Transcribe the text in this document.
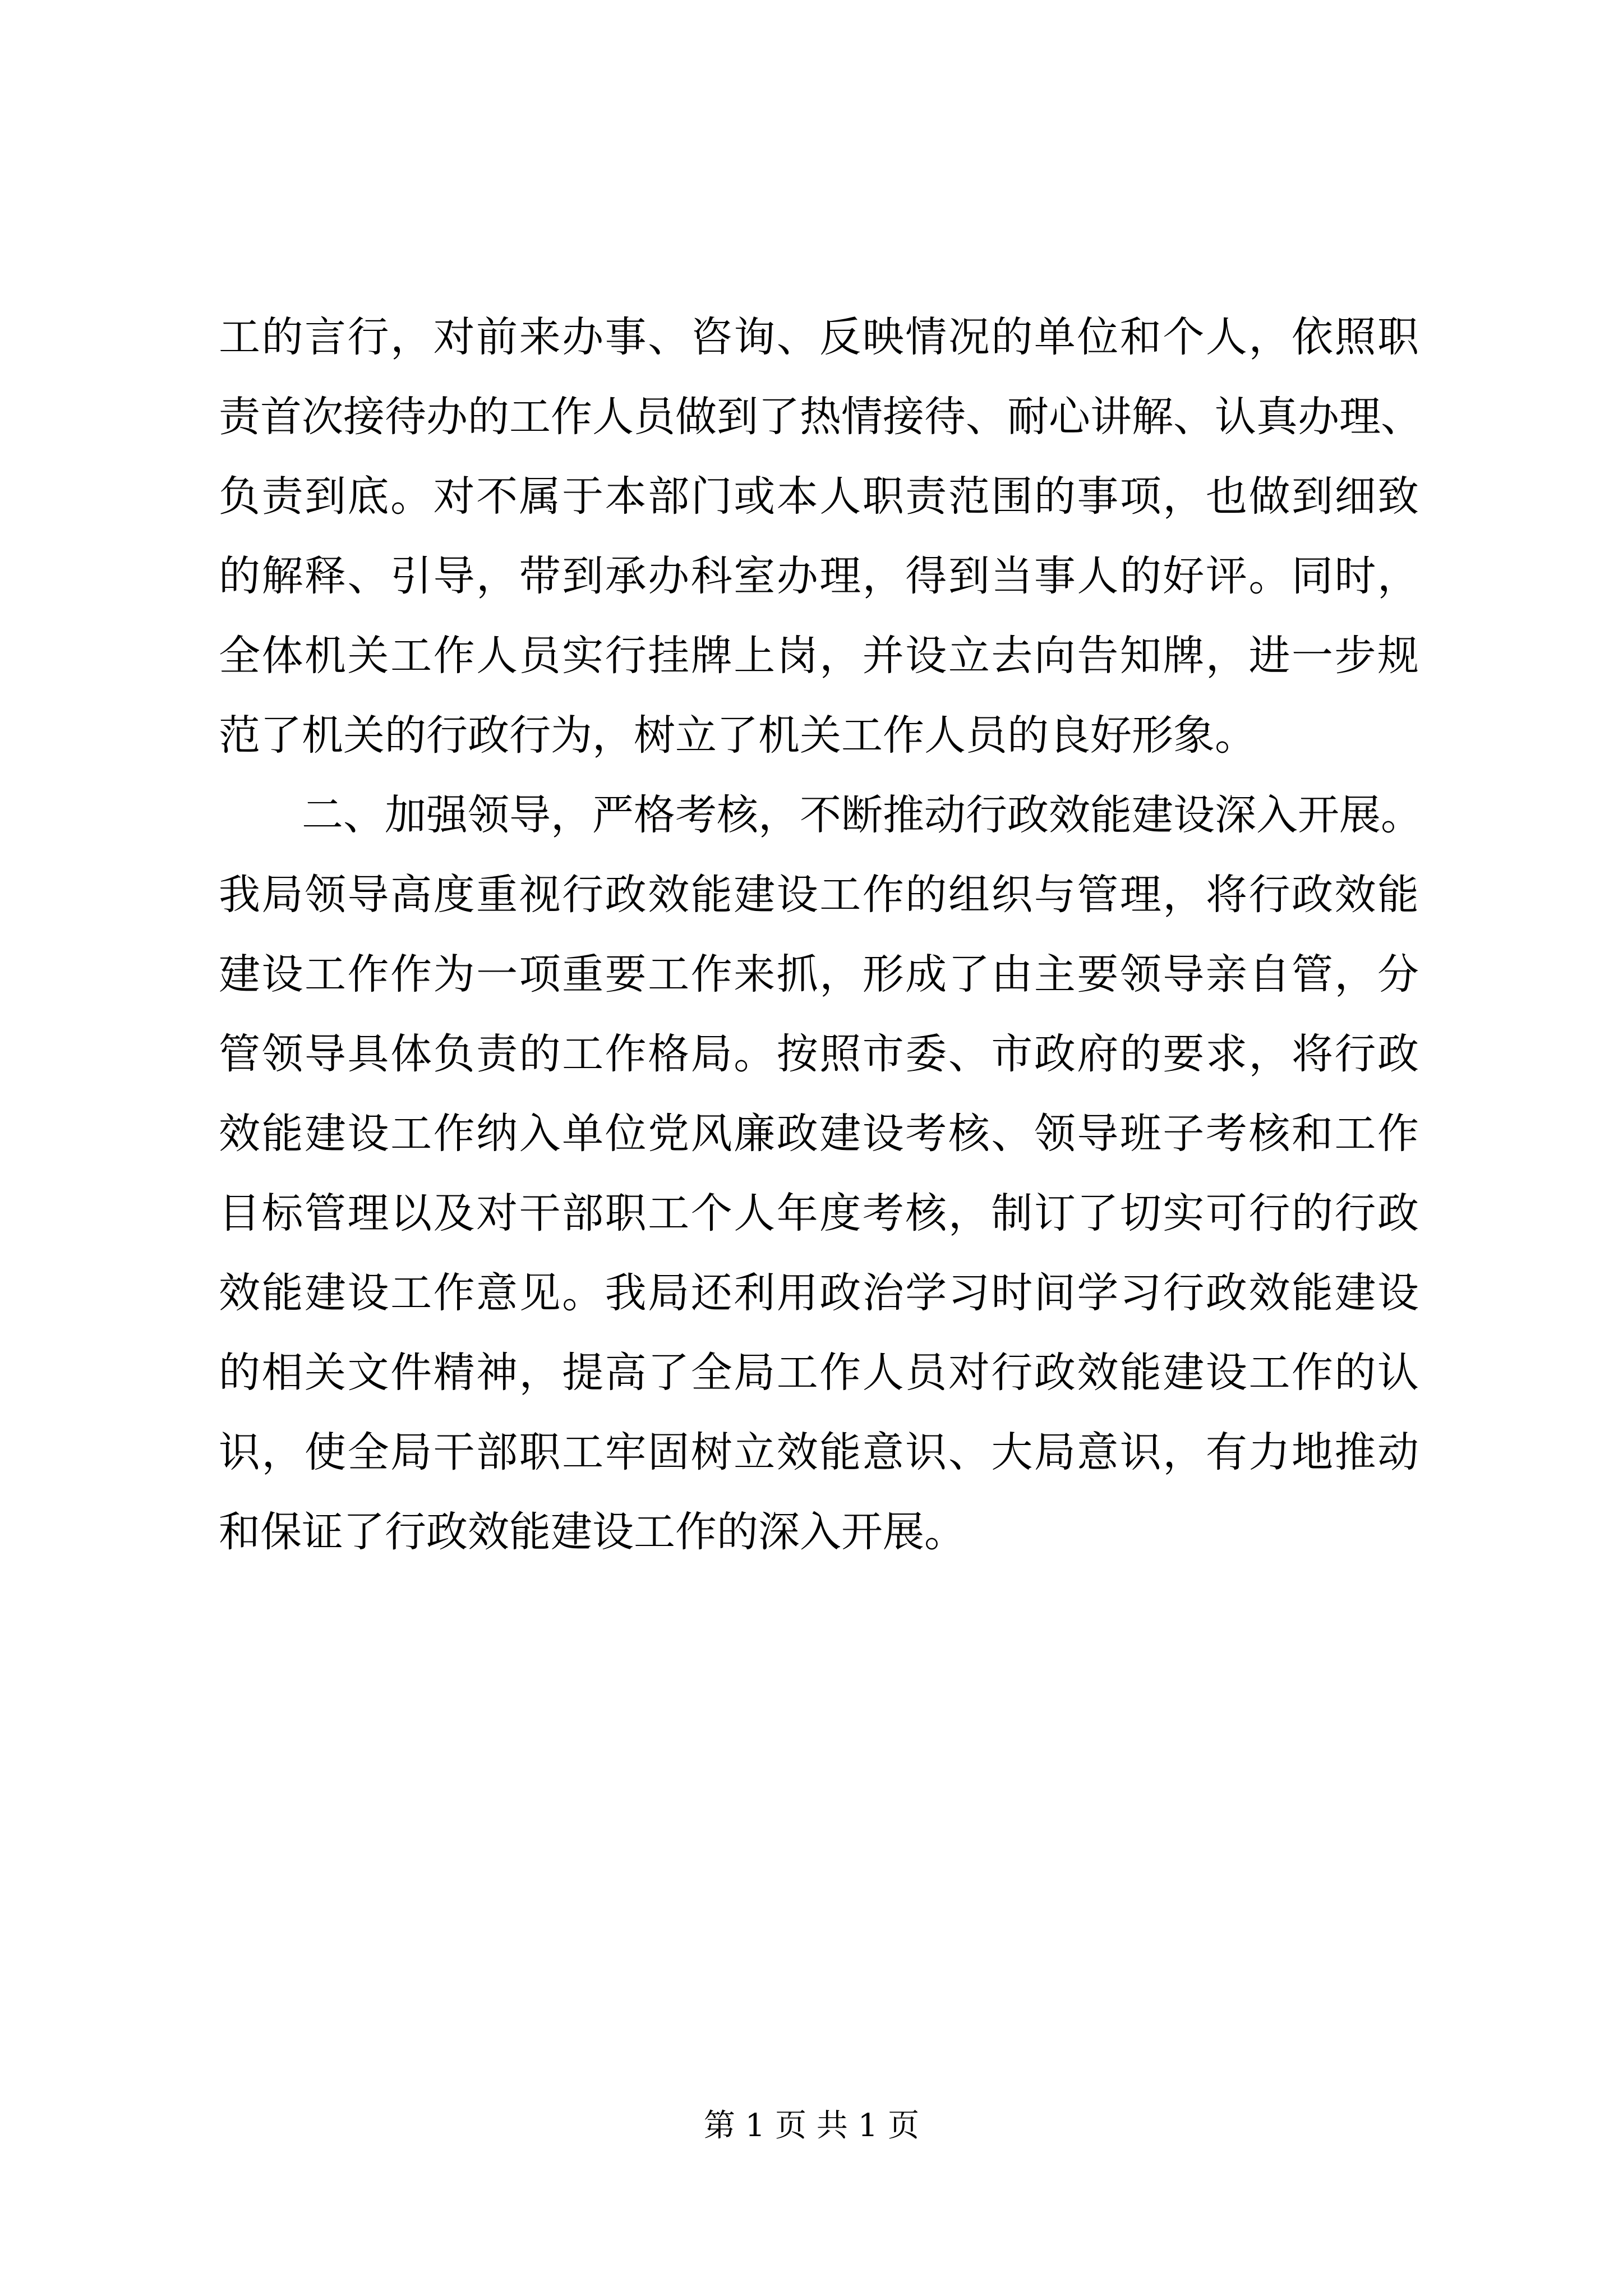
工的言行，对前来办事、咨询、反映情况的单位和个人，依照职
责首次接待办的工作人员做到了热情接待、耐心讲解、认真办理、
负责到底。对不属于本部门或本人职责范围的事项，也做到细致
的解释、引导，带到承办科室办理，得到当事人的好评。同时，
全体机关工作人员实行挂牌上岗，并设立去向告知牌，进一步规
范了机关的行政行为，树立了机关工作人员的良好形象。
二、加强领导，严格考核，不断推动行政效能建设深入开展。
我局领导高度重视行政效能建设工作的组织与管理，将行政效能
建设工作作为一项重要工作来抓，形成了由主要领导亲自管，分
管领导具体负责的工作格局。按照市委、市政府的要求，将行政
效能建设工作纳入单位党风廉政建设考核、领导班子考核和工作
目标管理以及对干部职工个人年度考核，制订了切实可行的行政
效能建设工作意见。我局还利用政治学习时间学习行政效能建设
的相关文件精神，提高了全局工作人员对行政效能建设工作的认
识，使全局干部职工牢固树立效能意识、大局意识，有力地推动
和保证了行政效能建设工作的深入开展。
第 1 页 共 1 页
